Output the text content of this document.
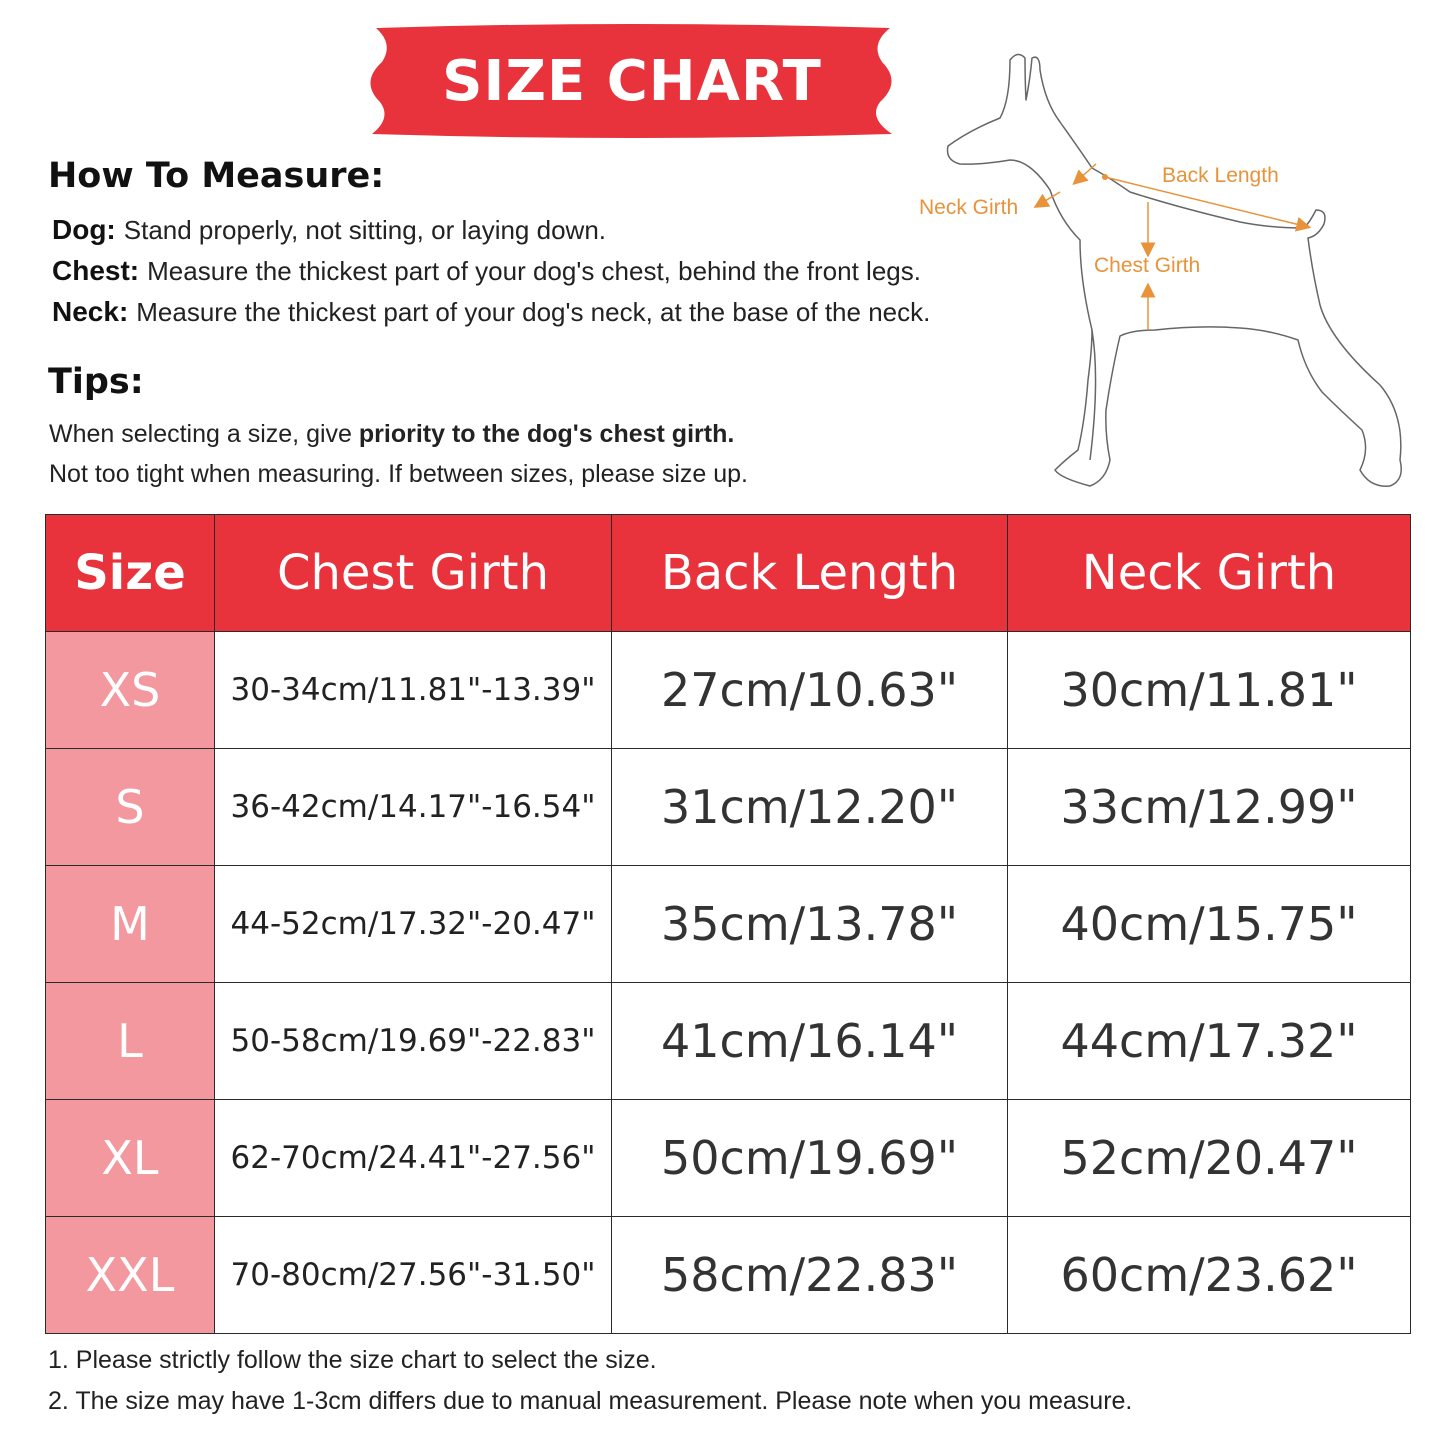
SIZE CHART
How To Measure:
Dog: Stand properly, not sitting, or laying down.
Chest: Measure the thickest part of your dog's chest, behind the front legs.
Neck: Measure the thickest part of your dog's neck, at the base of the neck.
Tips:
When selecting a size, give priority to the dog's chest girth.
Not too tight when measuring. If between sizes, please size up.
Back Length
Neck Girth
Chest Girth
Size	Chest Girth	Back Length	Neck Girth
XS	30-34cm/11.81"-13.39"	27cm/10.63"	30cm/11.81"
S	36-42cm/14.17"-16.54"	31cm/12.20"	33cm/12.99"
M	44-52cm/17.32"-20.47"	35cm/13.78"	40cm/15.75"
L	50-58cm/19.69"-22.83"	41cm/16.14"	44cm/17.32"
XL	62-70cm/24.41"-27.56"	50cm/19.69"	52cm/20.47"
XXL	70-80cm/27.56"-31.50"	58cm/22.83"	60cm/23.62"
1. Please strictly follow the size chart to select the size.
2. The size may have 1-3cm differs due to manual measurement. Please note when you measure.
